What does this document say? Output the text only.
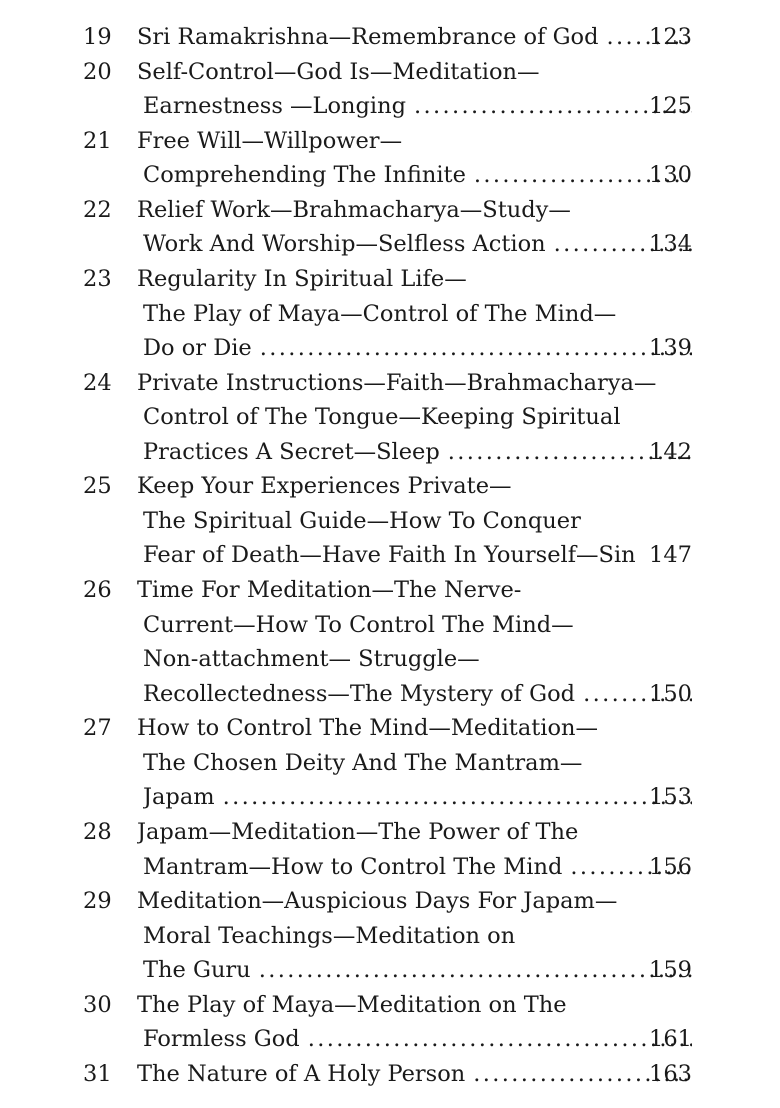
19	Sri Ramakrishna—Remembrance of God . . . 123
20	Self-Control—God Is—Meditation—
Earnestness —Longing . . .	125
21	Free Will—Willpower—
Comprehending The Infinite . . .	130
22	Relief Work—Brahmacharya—Study—
Work And Worship—Selfless Action . . .	134
23	Regularity In Spiritual Life—
The Play of Maya—Control of The Mind—
Do or Die . . .	139
24	Private Instructions—Faith—Brahmacharya—
Control of The Tongue—Keeping Spiritual
Practices A Secret—Sleep . . .	142
25	Keep Your Experiences Private—
The Spiritual Guide—How To Conquer
Fear of Death—Have Faith In Yourself—Sin 147
26	Time For Meditation—The Nerve-
Current—How To Control The Mind—
Non-attachment— Struggle—
Recollectedness—The Mystery of God . . .	150
27	How to Control The Mind—Meditation—
The Chosen Deity And The Mantram—
Japam . . .	153
28	Japam—Meditation—The Power of The
Mantram—How to Control The Mind . . .	156
29	Meditation—Auspicious Days For Japam—
Moral Teachings—Meditation on
The Guru . . .	159
30	The Play of Maya—Meditation on The
Formless God . . .	161
31	The Nature of A Holy Person . . .	163
